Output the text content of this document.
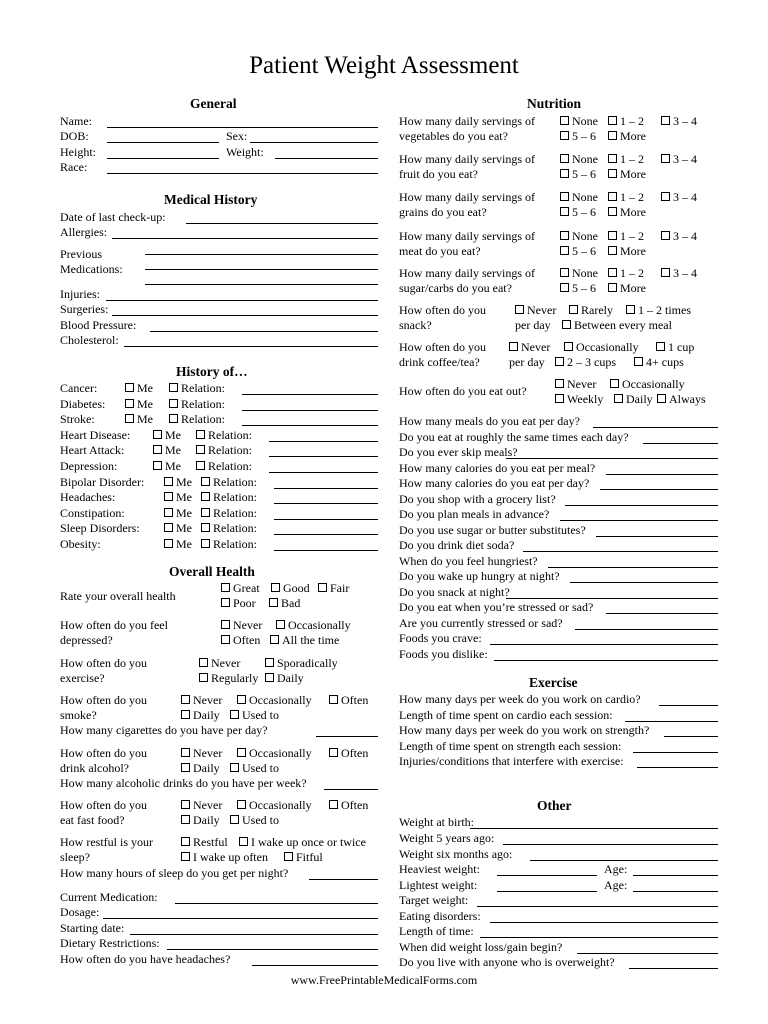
Patient Weight Assessment
General
Name:
DOB:	Sex:
Height:	Weight:
Race:
Medical History
Date of last check-up:
Allergies:
Previous
Medications:
Injuries:
Surgeries:
Blood Pressure:
Cholesterol:
History of…
Cancer:	Me	Relation:
Diabetes:	Me	Relation:
Stroke:	Me	Relation:
Heart Disease:	Me	Relation:
Heart Attack:	Me	Relation:
Depression:	Me	Relation:
Bipolar Disorder:	Me	Relation:
Headaches:	Me	Relation:
Constipation:	Me	Relation:
Sleep Disorders:	Me	Relation:
Obesity:	Me	Relation:
Overall Health
Rate your overall health
Great	Good	Fair
Poor	Bad
How often do you feel
depressed?
Never	Occasionally
Often	All the time
How often do you
exercise?
Never	Sporadically
Regularly	Daily
How often do you
smoke?
Never	Occasionally	Often
Daily	Used to
How many cigarettes do you have per day?
How often do you
drink alcohol?
Never	Occasionally	Often
Daily	Used to
How many alcoholic drinks do you have per week?
How often do you
eat fast food?
Never	Occasionally	Often
Daily	Used to
How restful is your
sleep?
Restful	I wake up once or twice
I wake up often	Fitful
How many hours of sleep do you get per night?
Current Medication:
Dosage:
Starting date:
Dietary Restrictions:
How often do you have headaches?
Nutrition
How many daily servings of
vegetables do you eat?
None	1 – 2	3 – 4
5 – 6	More
How many daily servings of
fruit do you eat?
None	1 – 2	3 – 4
5 – 6	More
How many daily servings of
grains do you eat?
None	1 – 2	3 – 4
5 – 6	More
How many daily servings of
meat do you eat?
None	1 – 2	3 – 4
5 – 6	More
How many daily servings of
sugar/carbs do you eat?
None	1 – 2	3 – 4
5 – 6	More
How often do you
snack?
Never	Rarely	1 – 2 times
per day	Between every meal
How often do you
drink coffee/tea?
Never	Occasionally	1 cup
per day	2 – 3 cups	4+ cups
How often do you eat out?	Never	Occasionally
Weekly	Daily	Always
How many meals do you eat per day?
Do you eat at roughly the same times each day?
Do you ever skip meals?
How many calories do you eat per meal?
How many calories do you eat per day?
Do you shop with a grocery list?
Do you plan meals in advance?
Do you use sugar or butter substitutes?
Do you drink diet soda?
When do you feel hungriest?
Do you wake up hungry at night?
Do you snack at night?
Do you eat when you’re stressed or sad?
Are you currently stressed or sad?
Foods you crave:
Foods you dislike:
Exercise
How many days per week do you work on cardio?
Length of time spent on cardio each session:
How many days per week do you work on strength?
Length of time spent on strength each session:
Injuries/conditions that interfere with exercise:
Other
Weight at birth:
Weight 5 years ago:
Weight six months ago:
Heaviest weight:	Age:
Lightest weight:	Age:
Target weight:
Eating disorders:
Length of time:
When did weight loss/gain begin?
Do you live with anyone who is overweight?
www.FreePrintableMedicalForms.com
